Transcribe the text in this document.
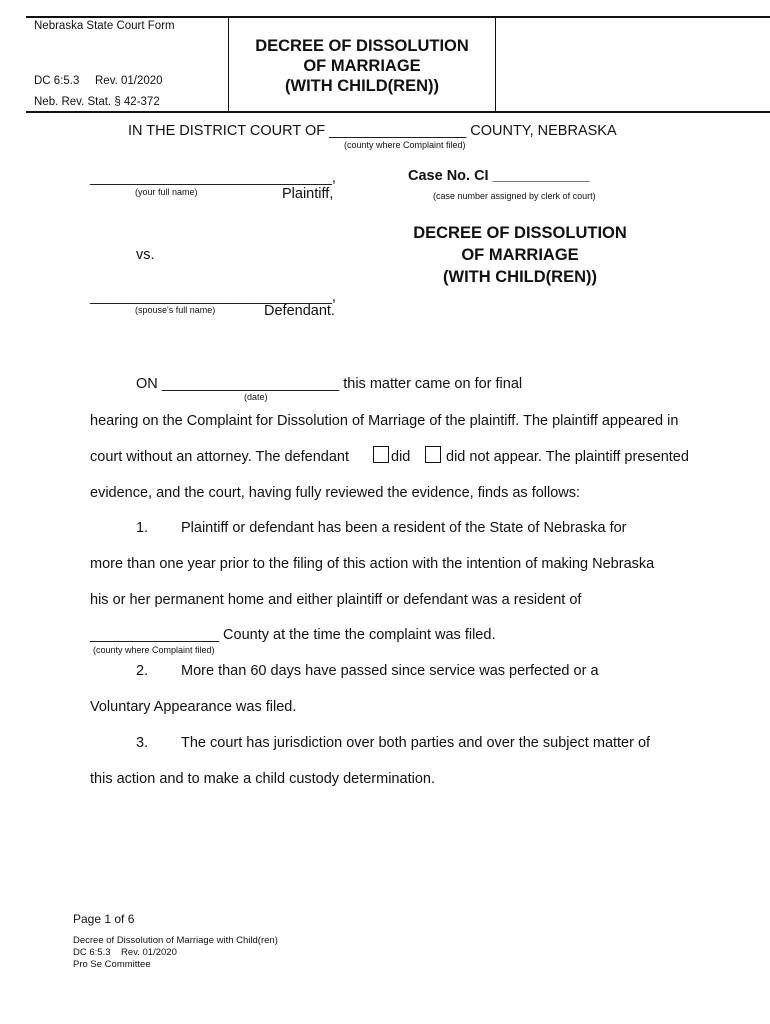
Nebraska State Court Form
DC 6:5.3 Rev. 01/2020
Neb. Rev. Stat. § 42-372
DECREE OF DISSOLUTION
OF MARRIAGE
(WITH CHILD(REN))
IN THE DISTRICT COURT OF _________________ COUNTY, NEBRASKA
(county where Complaint filed)
______________________________,
(your full name)	Plaintiff,
vs.
______________________________,
(spouse's full name)	Defendant.
Case No. CI ____________
(case number assigned by clerk of court)
DECREE OF DISSOLUTION
OF MARRIAGE
(WITH CHILD(REN))
ON ______________________ this matter came on for final
(date)
hearing on the Complaint for Dissolution of Marriage of the plaintiff. The plaintiff appeared in
court without an attorney. The defendant	did did not appear. The plaintiff presented
evidence, and the court, having fully reviewed the evidence, finds as follows:
1. Plaintiff or defendant has been a resident of the State of Nebraska for
more than one year prior to the filing of this action with the intention of making Nebraska
his or her permanent home and either plaintiff or defendant was a resident of
________________ County at the time the complaint was filed.
(county where Complaint filed)
2. More than 60 days have passed since service was perfected or a
Voluntary Appearance was filed.
3. The court has jurisdiction over both parties and over the subject matter of
this action and to make a child custody determination.
Page 1 of 6
Decree of Dissolution of Marriage with Child(ren)
DC 6:5.3    Rev. 01/2020
Pro Se Committee
